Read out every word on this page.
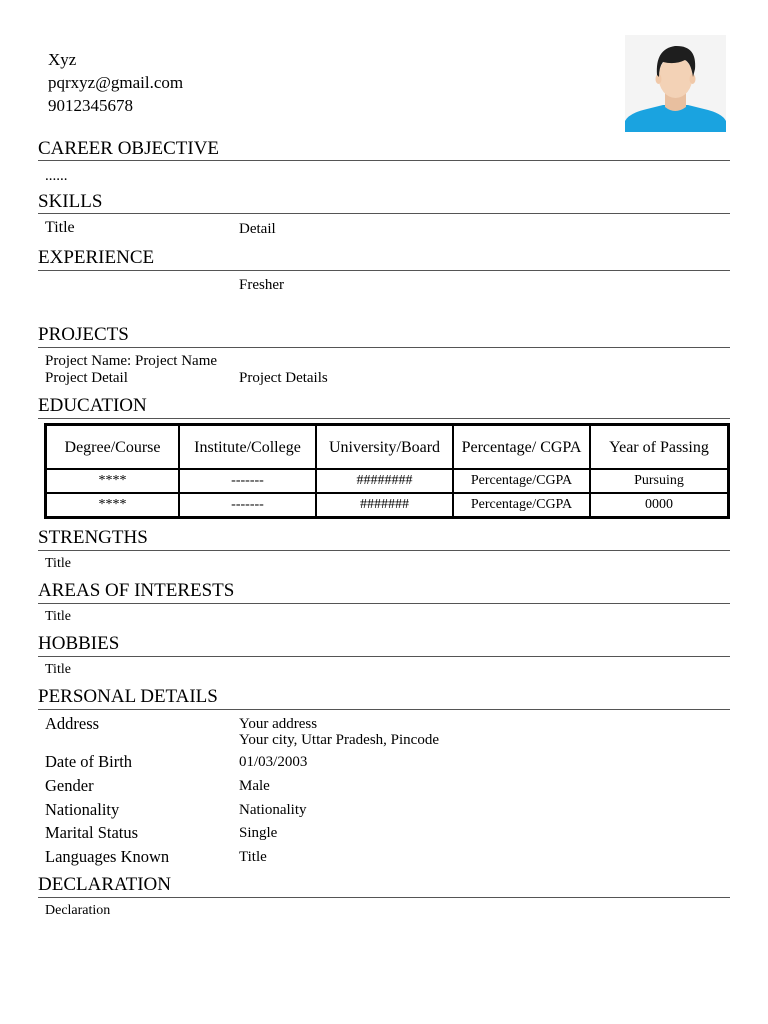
Xyz
pqrxyz@gmail.com
9012345678
CAREER OBJECTIVE
......
SKILLS
Title	Detail
EXPERIENCE
Fresher
PROJECTS
Project Name: Project Name
Project Detail	Project Details
EDUCATION
Degree/Course	Institute/College	University/Board	Percentage/ CGPA	Year of Passing
****	-------	########	Percentage/CGPA	Pursuing
****	-------	#######	Percentage/CGPA	0000
STRENGTHS
Title
AREAS OF INTERESTS
Title
HOBBIES
Title
PERSONAL DETAILS
Address	Your address
Your city, Uttar Pradesh, Pincode
Date of Birth	01/03/2003
Gender	Male
Nationality	Nationality
Marital Status	Single
Languages Known	Title
DECLARATION
Declaration
